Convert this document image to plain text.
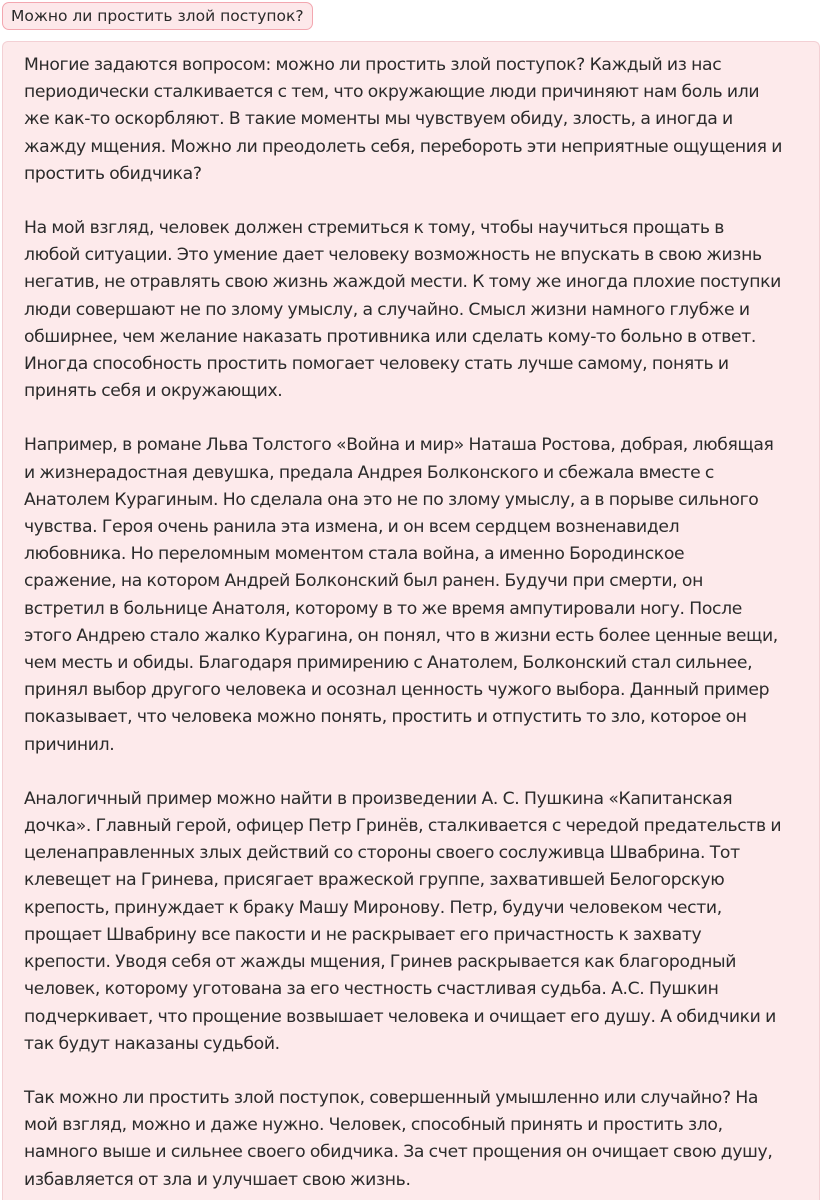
Можно ли простить злой поступок?

Многие задаются вопросом: можно ли простить злой поступок? Каждый из нас
периодически сталкивается с тем, что окружающие люди причиняют нам боль или
же как-то оскорбляют. В такие моменты мы чувствуем обиду, злость, а иногда и
жажду мщения. Можно ли преодолеть себя, перебороть эти неприятные ощущения и
простить обидчика?

На мой взгляд, человек должен стремиться к тому, чтобы научиться прощать в
любой ситуации. Это умение дает человеку возможность не впускать в свою жизнь
негатив, не отравлять свою жизнь жаждой мести. К тому же иногда плохие поступки
люди совершают не по злому умыслу, а случайно. Смысл жизни намного глубже и
обширнее, чем желание наказать противника или сделать кому-то больно в ответ.
Иногда способность простить помогает человеку стать лучше самому, понять и
принять себя и окружающих.

Например, в романе Льва Толстого «Война и мир» Наташа Ростова, добрая, любящая
и жизнерадостная девушка, предала Андрея Болконского и сбежала вместе с
Анатолем Курагиным. Но сделала она это не по злому умыслу, а в порыве сильного
чувства. Героя очень ранила эта измена, и он всем сердцем возненавидел
любовника. Но переломным моментом стала война, а именно Бородинское
сражение, на котором Андрей Болконский был ранен. Будучи при смерти, он
встретил в больнице Анатоля, которому в то же время ампутировали ногу. После
этого Андрею стало жалко Курагина, он понял, что в жизни есть более ценные вещи,
чем месть и обиды. Благодаря примирению с Анатолем, Болконский стал сильнее,
принял выбор другого человека и осознал ценность чужого выбора. Данный пример
показывает, что человека можно понять, простить и отпустить то зло, которое он
причинил.

Аналогичный пример можно найти в произведении А. С. Пушкина «Капитанская
дочка». Главный герой, офицер Петр Гринёв, сталкивается с чередой предательств и
целенаправленных злых действий со стороны своего сослуживца Швабрина. Тот
клевещет на Гринева, присягает вражеской группе, захватившей Белогорскую
крепость, принуждает к браку Машу Миронову. Петр, будучи человеком чести,
прощает Швабрину все пакости и не раскрывает его причастность к захвату
крепости. Уводя себя от жажды мщения, Гринев раскрывается как благородный
человек, которому уготована за его честность счастливая судьба. А.С. Пушкин
подчеркивает, что прощение возвышает человека и очищает его душу. А обидчики и
так будут наказаны судьбой.

Так можно ли простить злой поступок, совершенный умышленно или случайно? На
мой взгляд, можно и даже нужно. Человек, способный принять и простить зло,
намного выше и сильнее своего обидчика. За счет прощения он очищает свою душу,
избавляется от зла и улучшает свою жизнь.
